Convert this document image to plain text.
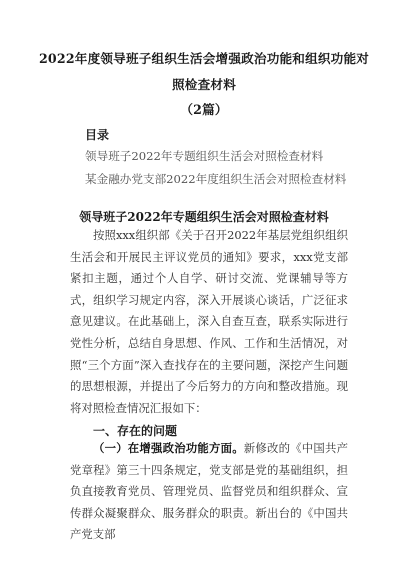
2022年度领导班子组织生活会增强政治功能和组织功能对
照检查材料
（2篇）
目录
领导班子2022年专题组织生活会对照检查材料
某金融办党支部2022年度组织生活会对照检查材料
领导班子2022年专题组织生活会对照检查材料
按照xxx组织部《关于召开2022年基层党组织组织生活会和开展民主评议党员的通知》要求，xxx党支部紧扣主题，通过个人自学、研讨交流、党课辅导等方式，组织学习规定内容，深入开展谈心谈话，广泛征求意见建议。在此基础上，深入自查互查，联系实际进行党性分析，总结自身思想、作风、工作和生活情况，对照“三个方面”深入查找存在的主要问题，深挖产生问题的思想根源，并提出了今后努力的方向和整改措施。现将对照检查情况汇报如下：
一、存在的问题
（一）在增强政治功能方面。新修改的《中国共产党章程》第三十四条规定，党支部是党的基础组织，担负直接教育党员、管理党员、监督党员和组织群众、宣传群众凝聚群众、服务群众的职责。新出台的《中国共产党支部
